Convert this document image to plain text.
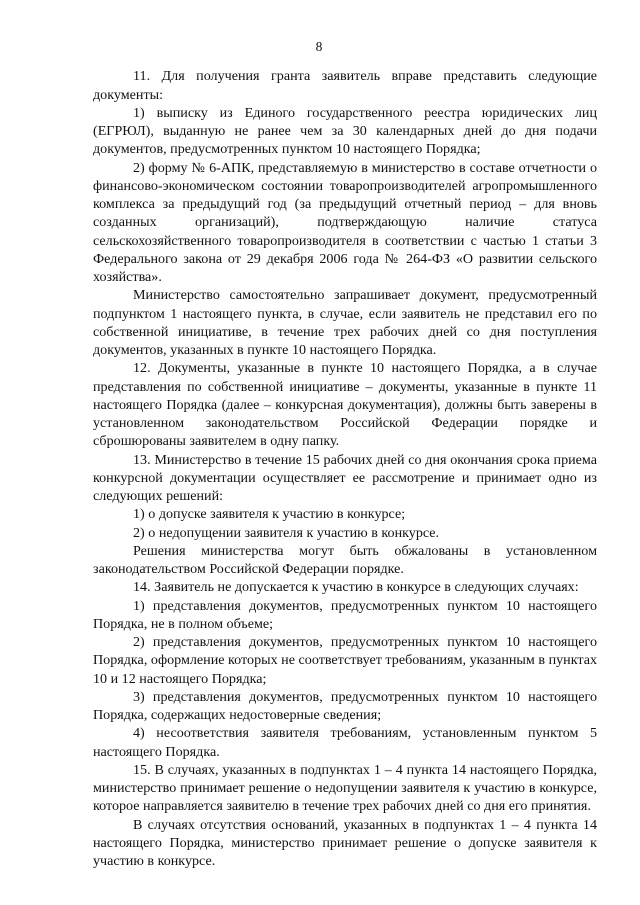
8

11. Для получения гранта заявитель вправе представить следующие документы:

1) выписку из Единого государственного реестра юридических лиц (ЕГРЮЛ), выданную не ранее чем за 30 календарных дней до дня подачи документов, предусмотренных пунктом 10 настоящего Порядка;

2) форму № 6-АПК, представляемую в министерство в составе отчетности о финансово-экономическом состоянии товаропроизводителей агропромышленного комплекса за предыдущий год (за предыдущий отчетный период – для вновь созданных организаций), подтверждающую наличие статуса сельскохозяйственного товаропроизводителя в соответствии с частью 1 статьи 3 Федерального закона от 29 декабря 2006 года № 264-ФЗ «О развитии сельского хозяйства».

Министерство самостоятельно запрашивает документ, предусмотренный подпунктом 1 настоящего пункта, в случае, если заявитель не представил его по собственной инициативе, в течение трех рабочих дней со дня поступления документов, указанных в пункте 10 настоящего Порядка.

12. Документы, указанные в пункте 10 настоящего Порядка, а в случае представления по собственной инициативе – документы, указанные в пункте 11 настоящего Порядка (далее – конкурсная документация), должны быть заверены в установленном законодательством Российской Федерации порядке и сброшюрованы заявителем в одну папку.

13. Министерство в течение 15 рабочих дней со дня окончания срока приема конкурсной документации осуществляет ее рассмотрение и принимает одно из следующих решений:

1) о допуске заявителя к участию в конкурсе;

2) о недопущении заявителя к участию в конкурсе.

Решения министерства могут быть обжалованы в установленном законодательством Российской Федерации порядке.

14. Заявитель не допускается к участию в конкурсе в следующих случаях:

1) представления документов, предусмотренных пунктом 10 настоящего Порядка, не в полном объеме;

2) представления документов, предусмотренных пунктом 10 настоящего Порядка, оформление которых не соответствует требованиям, указанным в пунктах 10 и 12 настоящего Порядка;

3) представления документов, предусмотренных пунктом 10 настоящего Порядка, содержащих недостоверные сведения;

4) несоответствия заявителя требованиям, установленным пунктом 5 настоящего Порядка.

15. В случаях, указанных в подпунктах 1 – 4 пункта 14 настоящего Порядка, министерство принимает решение о недопущении заявителя к участию в конкурсе, которое направляется заявителю в течение трех рабочих дней со дня его принятия.

В случаях отсутствия оснований, указанных в подпунктах 1 – 4 пункта 14 настоящего Порядка, министерство принимает решение о допуске заявителя к участию в конкурсе.
